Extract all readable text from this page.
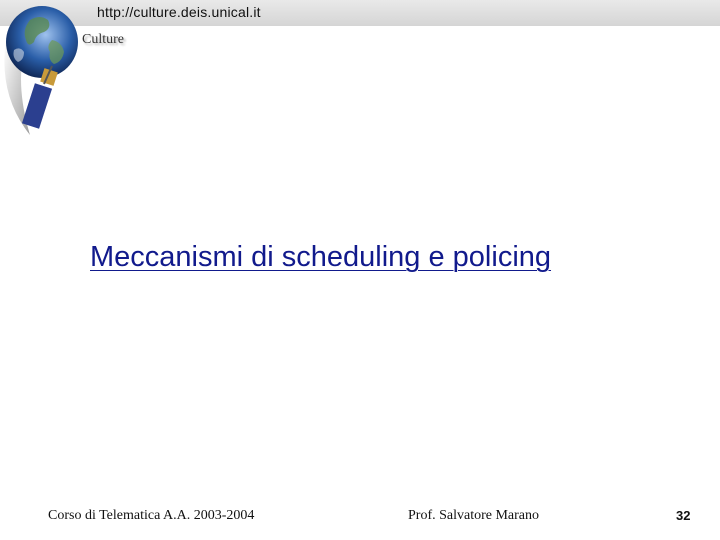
http://culture.deis.unical.it
Culture
Meccanismi di scheduling e policing
Corso di Telematica A.A. 2003-2004	Prof. Salvatore Marano	32
